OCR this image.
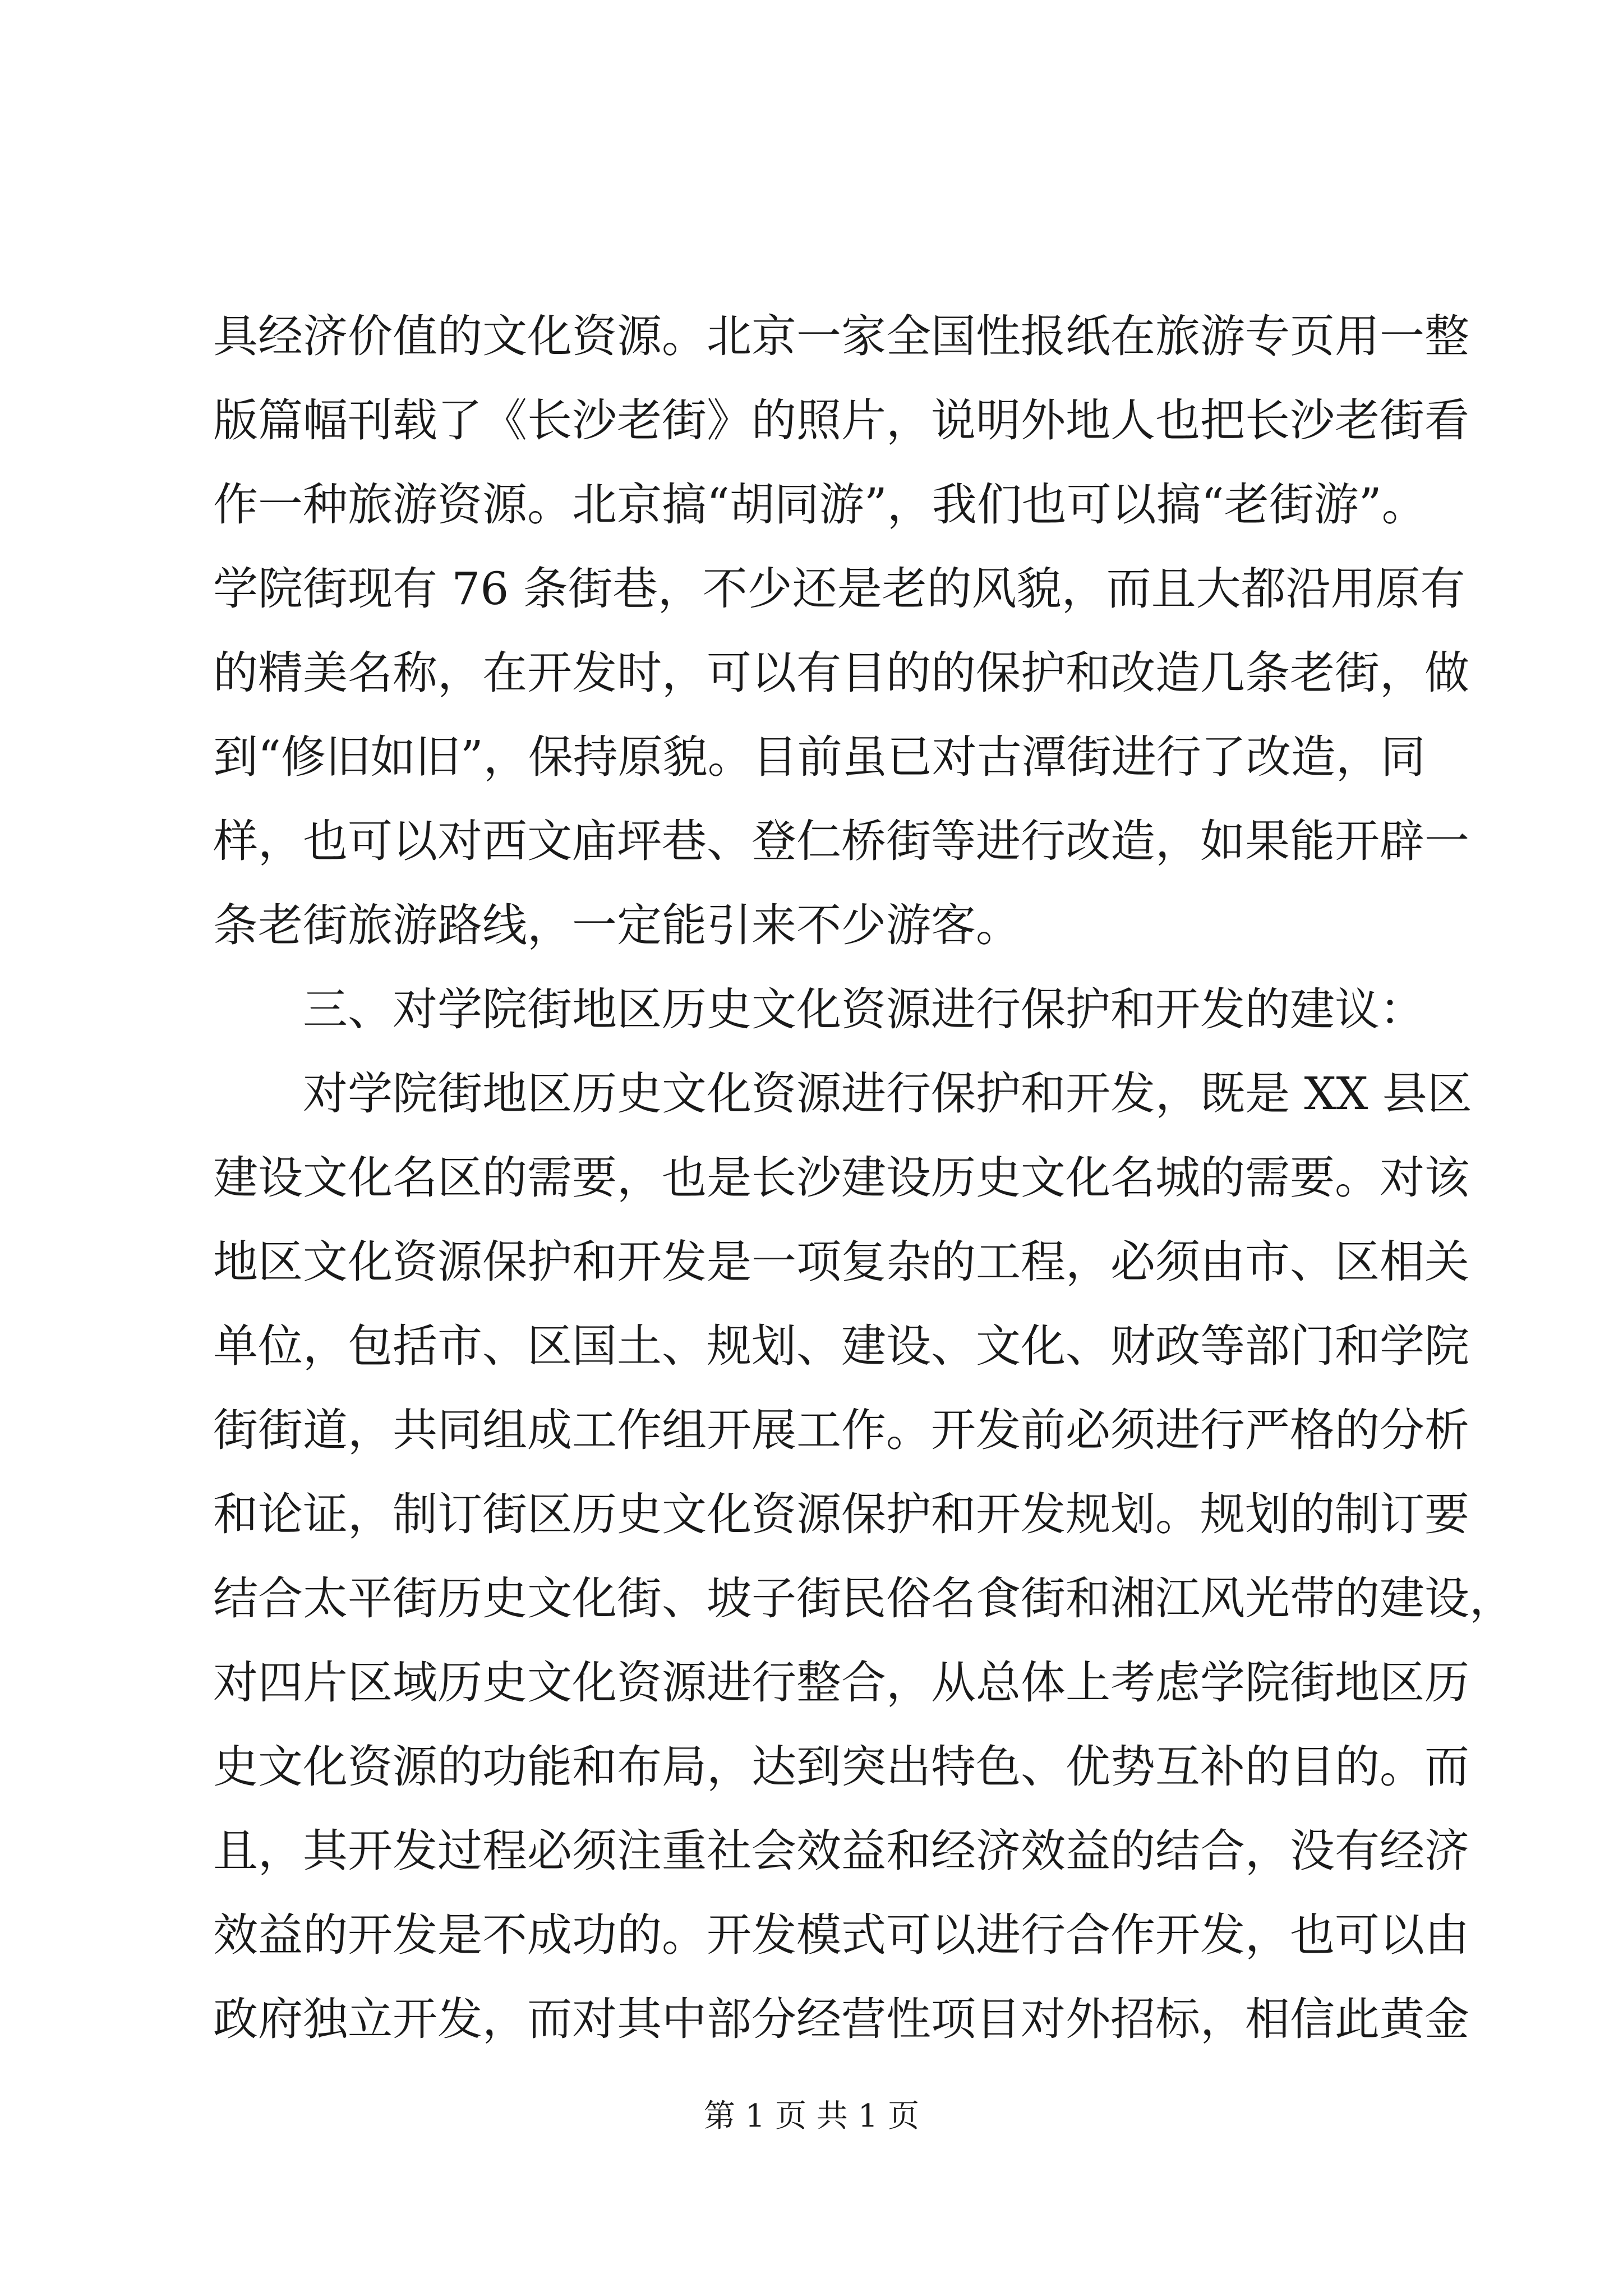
具经济价值的文化资源。北京一家全国性报纸在旅游专页用一整
版篇幅刊载了《长沙老街》的照片，说明外地人也把长沙老街看
作一种旅游资源。北京搞“胡同游”，我们也可以搞“老街游”。
学院街现有 76 条街巷，不少还是老的风貌，而且大都沿用原有
的精美名称，在开发时，可以有目的的保护和改造几条老街，做
到“修旧如旧”，保持原貌。目前虽已对古潭街进行了改造，同
样，也可以对西文庙坪巷、登仁桥街等进行改造，如果能开辟一
条老街旅游路线，一定能引来不少游客。
三、对学院街地区历史文化资源进行保护和开发的建议：
对学院街地区历史文化资源进行保护和开发，既是 XX 县区
建设文化名区的需要，也是长沙建设历史文化名城的需要。对该
地区文化资源保护和开发是一项复杂的工程，必须由市、区相关
单位，包括市、区国土、规划、建设、文化、财政等部门和学院
街街道，共同组成工作组开展工作。开发前必须进行严格的分析
和论证，制订街区历史文化资源保护和开发规划。规划的制订要
结合太平街历史文化街、坡子街民俗名食街和湘江风光带的建设，
对四片区域历史文化资源进行整合，从总体上考虑学院街地区历
史文化资源的功能和布局，达到突出特色、优势互补的目的。而
且，其开发过程必须注重社会效益和经济效益的结合，没有经济
效益的开发是不成功的。开发模式可以进行合作开发，也可以由
政府独立开发，而对其中部分经营性项目对外招标，相信此黄金
第 1 页 共 1 页
